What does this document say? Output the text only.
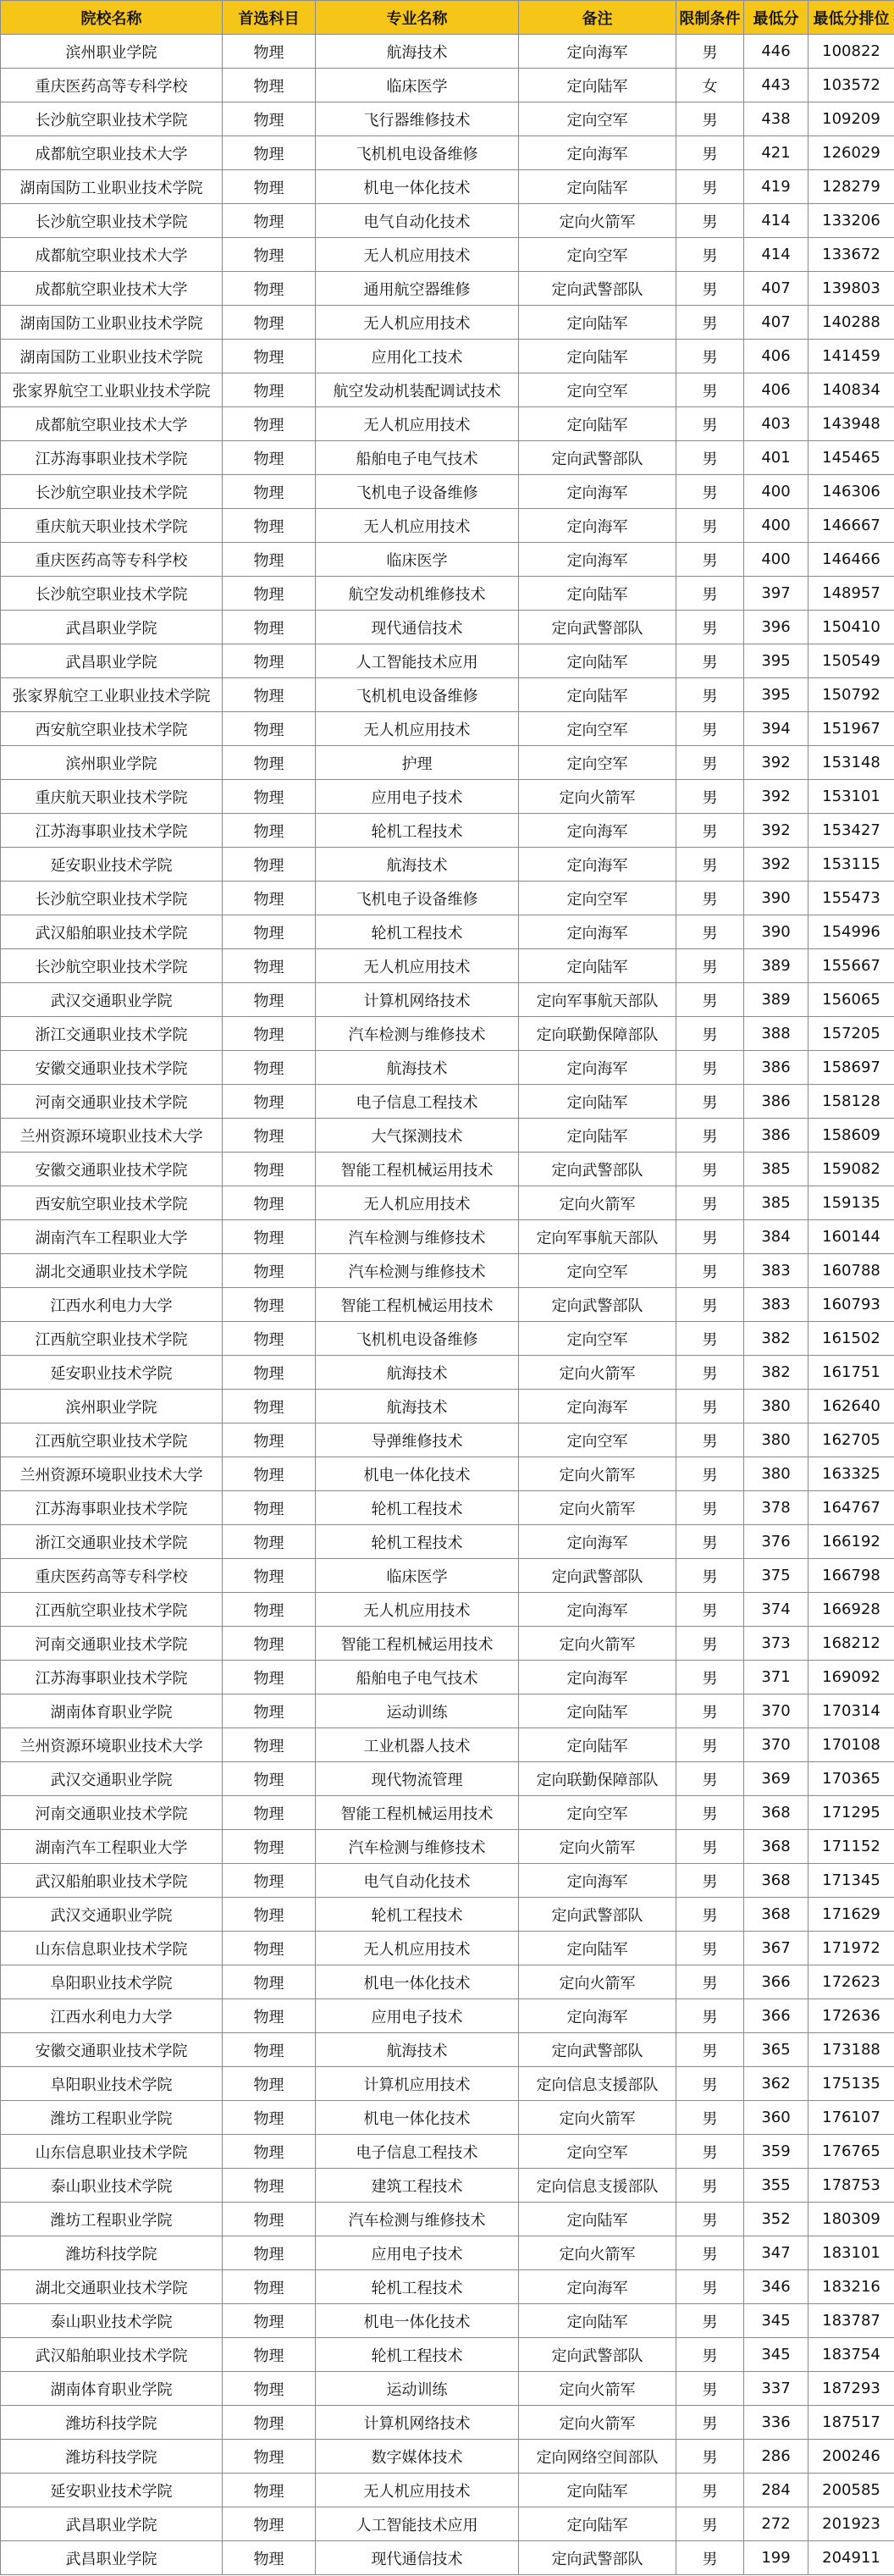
院校名称	首选科目	专业名称	备注	限制条件	最低分	最低分排位
滨州职业学院	物理	航海技术	定向海军	男	446	100822
重庆医药高等专科学校	物理	临床医学	定向陆军	女	443	103572
长沙航空职业技术学院	物理	飞行器维修技术	定向空军	男	438	109209
成都航空职业技术大学	物理	飞机机电设备维修	定向海军	男	421	126029
湖南国防工业职业技术学院	物理	机电一体化技术	定向陆军	男	419	128279
长沙航空职业技术学院	物理	电气自动化技术	定向火箭军	男	414	133206
成都航空职业技术大学	物理	无人机应用技术	定向空军	男	414	133672
成都航空职业技术大学	物理	通用航空器维修	定向武警部队	男	407	139803
湖南国防工业职业技术学院	物理	无人机应用技术	定向陆军	男	407	140288
湖南国防工业职业技术学院	物理	应用化工技术	定向陆军	男	406	141459
张家界航空工业职业技术学院	物理	航空发动机装配调试技术	定向空军	男	406	140834
成都航空职业技术大学	物理	无人机应用技术	定向陆军	男	403	143948
江苏海事职业技术学院	物理	船舶电子电气技术	定向武警部队	男	401	145465
长沙航空职业技术学院	物理	飞机电子设备维修	定向海军	男	400	146306
重庆航天职业技术学院	物理	无人机应用技术	定向海军	男	400	146667
重庆医药高等专科学校	物理	临床医学	定向海军	男	400	146466
长沙航空职业技术学院	物理	航空发动机维修技术	定向陆军	男	397	148957
武昌职业学院	物理	现代通信技术	定向武警部队	男	396	150410
武昌职业学院	物理	人工智能技术应用	定向陆军	男	395	150549
张家界航空工业职业技术学院	物理	飞机机电设备维修	定向陆军	男	395	150792
西安航空职业技术学院	物理	无人机应用技术	定向空军	男	394	151967
滨州职业学院	物理	护理	定向空军	男	392	153148
重庆航天职业技术学院	物理	应用电子技术	定向火箭军	男	392	153101
江苏海事职业技术学院	物理	轮机工程技术	定向海军	男	392	153427
延安职业技术学院	物理	航海技术	定向海军	男	392	153115
长沙航空职业技术学院	物理	飞机电子设备维修	定向空军	男	390	155473
武汉船舶职业技术学院	物理	轮机工程技术	定向海军	男	390	154996
长沙航空职业技术学院	物理	无人机应用技术	定向陆军	男	389	155667
武汉交通职业学院	物理	计算机网络技术	定向军事航天部队	男	389	156065
浙江交通职业技术学院	物理	汽车检测与维修技术	定向联勤保障部队	男	388	157205
安徽交通职业技术学院	物理	航海技术	定向海军	男	386	158697
河南交通职业技术学院	物理	电子信息工程技术	定向陆军	男	386	158128
兰州资源环境职业技术大学	物理	大气探测技术	定向陆军	男	386	158609
安徽交通职业技术学院	物理	智能工程机械运用技术	定向武警部队	男	385	159082
西安航空职业技术学院	物理	无人机应用技术	定向火箭军	男	385	159135
湖南汽车工程职业大学	物理	汽车检测与维修技术	定向军事航天部队	男	384	160144
湖北交通职业技术学院	物理	汽车检测与维修技术	定向空军	男	383	160788
江西水利电力大学	物理	智能工程机械运用技术	定向武警部队	男	383	160793
江西航空职业技术学院	物理	飞机机电设备维修	定向空军	男	382	161502
延安职业技术学院	物理	航海技术	定向火箭军	男	382	161751
滨州职业学院	物理	航海技术	定向海军	男	380	162640
江西航空职业技术学院	物理	导弹维修技术	定向空军	男	380	162705
兰州资源环境职业技术大学	物理	机电一体化技术	定向火箭军	男	380	163325
江苏海事职业技术学院	物理	轮机工程技术	定向火箭军	男	378	164767
浙江交通职业技术学院	物理	轮机工程技术	定向海军	男	376	166192
重庆医药高等专科学校	物理	临床医学	定向武警部队	男	375	166798
江西航空职业技术学院	物理	无人机应用技术	定向海军	男	374	166928
河南交通职业技术学院	物理	智能工程机械运用技术	定向火箭军	男	373	168212
江苏海事职业技术学院	物理	船舶电子电气技术	定向海军	男	371	169092
湖南体育职业学院	物理	运动训练	定向陆军	男	370	170314
兰州资源环境职业技术大学	物理	工业机器人技术	定向陆军	男	370	170108
武汉交通职业学院	物理	现代物流管理	定向联勤保障部队	男	369	170365
河南交通职业技术学院	物理	智能工程机械运用技术	定向空军	男	368	171295
湖南汽车工程职业大学	物理	汽车检测与维修技术	定向火箭军	男	368	171152
武汉船舶职业技术学院	物理	电气自动化技术	定向海军	男	368	171345
武汉交通职业学院	物理	轮机工程技术	定向武警部队	男	368	171629
山东信息职业技术学院	物理	无人机应用技术	定向陆军	男	367	171972
阜阳职业技术学院	物理	机电一体化技术	定向火箭军	男	366	172623
江西水利电力大学	物理	应用电子技术	定向海军	男	366	172636
安徽交通职业技术学院	物理	航海技术	定向武警部队	男	365	173188
阜阳职业技术学院	物理	计算机应用技术	定向信息支援部队	男	362	175135
潍坊工程职业学院	物理	机电一体化技术	定向火箭军	男	360	176107
山东信息职业技术学院	物理	电子信息工程技术	定向空军	男	359	176765
泰山职业技术学院	物理	建筑工程技术	定向信息支援部队	男	355	178753
潍坊工程职业学院	物理	汽车检测与维修技术	定向陆军	男	352	180309
潍坊科技学院	物理	应用电子技术	定向火箭军	男	347	183101
湖北交通职业技术学院	物理	轮机工程技术	定向海军	男	346	183216
泰山职业技术学院	物理	机电一体化技术	定向陆军	男	345	183787
武汉船舶职业技术学院	物理	轮机工程技术	定向武警部队	男	345	183754
湖南体育职业学院	物理	运动训练	定向火箭军	男	337	187293
潍坊科技学院	物理	计算机网络技术	定向火箭军	男	336	187517
潍坊科技学院	物理	数字媒体技术	定向网络空间部队	男	286	200246
延安职业技术学院	物理	无人机应用技术	定向陆军	男	284	200585
武昌职业学院	物理	人工智能技术应用	定向陆军	男	272	201923
武昌职业学院	物理	现代通信技术	定向武警部队	男	199	204911
